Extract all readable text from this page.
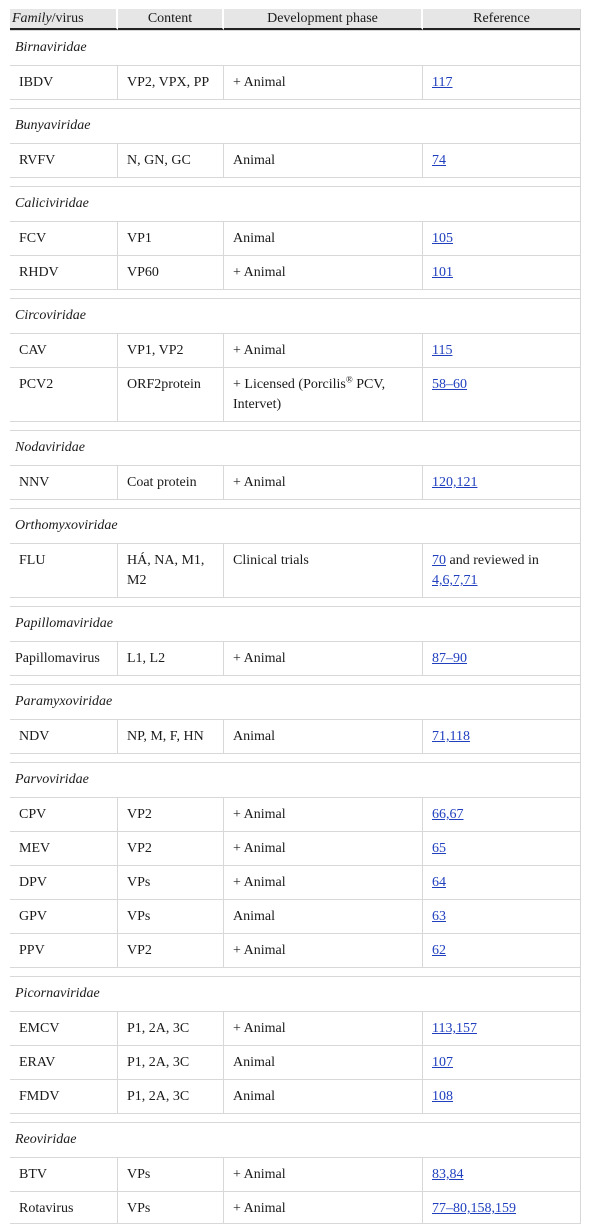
Family/virus	Content	Development phase	Reference
Birnaviridae			
IBDV	VP2, VPX, PP	+ Animal	117

Bunyaviridae			
RVFV	N, GN, GC	Animal	74

Caliciviridae			
FCV	VP1	Animal	105
RHDV	VP60	+ Animal	101

Circoviridae			
CAV	VP1, VP2	+ Animal	115
PCV2	ORF2protein	+ Licensed (Porcilis® PCV, Intervet)	58–60

Nodaviridae			
NNV	Coat protein	+ Animal	120,121

Orthomyxoviridae			
FLU	HÁ, NA, M1, M2	Clinical trials	70 and reviewed in 4,6,7,71

Papillomaviridae			
Papillomavirus	L1, L2	+ Animal	87–90

Paramyxoviridae			
NDV	NP, M, F, HN	Animal	71,118

Parvoviridae			
CPV	VP2	+ Animal	66,67
MEV	VP2	+ Animal	65
DPV	VPs	+ Animal	64
GPV	VPs	Animal	63
PPV	VP2	+ Animal	62

Picornaviridae			
EMCV	P1, 2A, 3C	+ Animal	113,157
ERAV	P1, 2A, 3C	Animal	107
FMDV	P1, 2A, 3C	Animal	108

Reoviridae			
BTV	VPs	+ Animal	83,84
Rotavirus	VPs	+ Animal	77–80,158,159
